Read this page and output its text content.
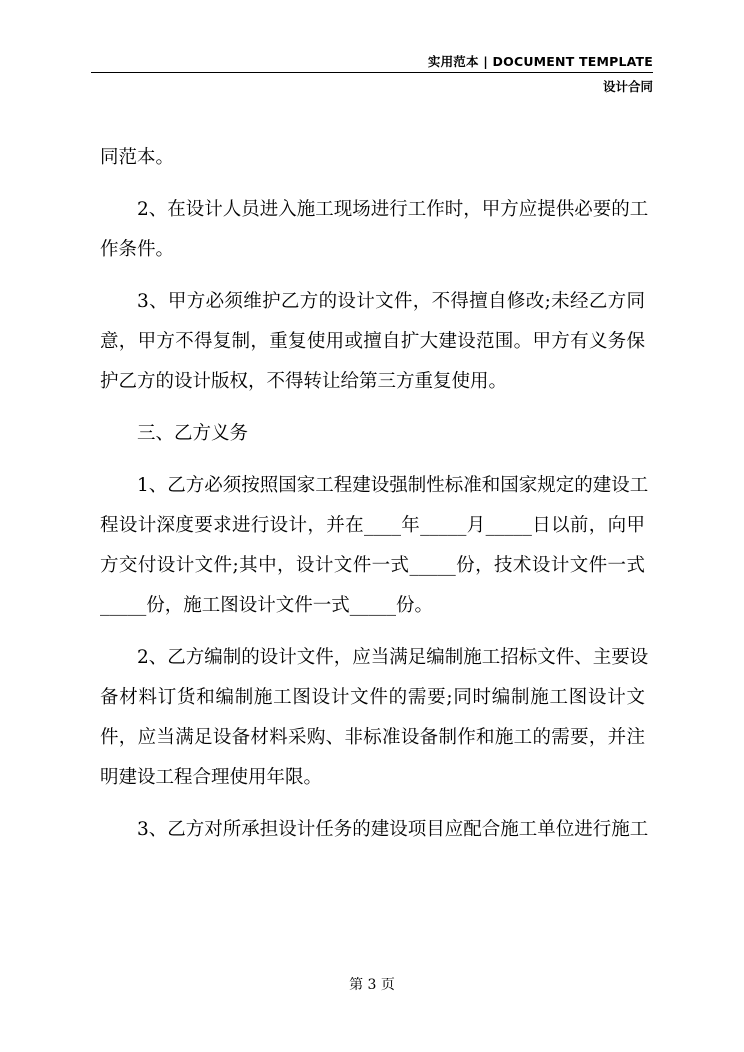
实用范本 | DOCUMENT TEMPLATE
设计合同
同范本。
2、在设计人员进入施工现场进行工作时，甲方应提供必要的工
作条件。
3、甲方必须维护乙方的设计文件，不得擅自修改;未经乙方同
意，甲方不得复制，重复使用或擅自扩大建设范围。甲方有义务保
护乙方的设计版权，不得转让给第三方重复使用。
三、乙方义务
1、乙方必须按照国家工程建设强制性标准和国家规定的建设工
程设计深度要求进行设计，并在____年_____月_____日以前，向甲
方交付设计文件;其中，设计文件一式_____份，技术设计文件一式
_____份，施工图设计文件一式_____份。
2、乙方编制的设计文件，应当满足编制施工招标文件、主要设
备材料订货和编制施工图设计文件的需要;同时编制施工图设计文
件，应当满足设备材料采购、非标准设备制作和施工的需要，并注
明建设工程合理使用年限。
3、乙方对所承担设计任务的建设项目应配合施工单位进行施工
第 3 页
